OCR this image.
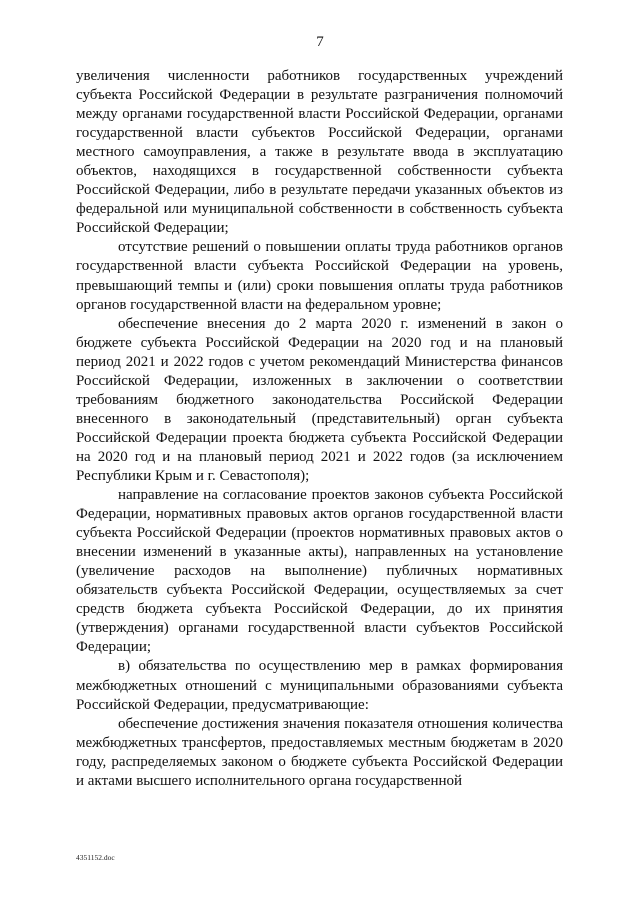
7

увеличения численности работников государственных учреждений субъекта Российской Федерации в результате разграничения полномочий между органами государственной власти Российской Федерации, органами государственной власти субъектов Российской Федерации, органами местного самоуправления, а также в результате ввода в эксплуатацию объектов, находящихся в государственной собственности субъекта Российской Федерации, либо в результате передачи указанных объектов из федеральной или муниципальной собственности в собственность субъекта Российской Федерации;

отсутствие решений о повышении оплаты труда работников органов государственной власти субъекта Российской Федерации на уровень, превышающий темпы и (или) сроки повышения оплаты труда работников органов государственной власти на федеральном уровне;

обеспечение внесения до 2 марта 2020 г. изменений в закон о бюджете субъекта Российской Федерации на 2020 год и на плановый период 2021 и 2022 годов с учетом рекомендаций Министерства финансов Российской Федерации, изложенных в заключении о соответствии требованиям бюджетного законодательства Российской Федерации внесенного в законодательный (представительный) орган субъекта Российской Федерации проекта бюджета субъекта Российской Федерации на 2020 год и на плановый период 2021 и 2022 годов (за исключением Республики Крым и г. Севастополя);

направление на согласование проектов законов субъекта Российской Федерации, нормативных правовых актов органов государственной власти субъекта Российской Федерации (проектов нормативных правовых актов о внесении изменений в указанные акты), направленных на установление (увеличение расходов на выполнение) публичных нормативных обязательств субъекта Российской Федерации, осуществляемых за счет средств бюджета субъекта Российской Федерации, до их принятия (утверждения) органами государственной власти субъектов Российской Федерации;

в) обязательства по осуществлению мер в рамках формирования межбюджетных отношений с муниципальными образованиями субъекта Российской Федерации, предусматривающие:

обеспечение достижения значения показателя отношения количества межбюджетных трансфертов, предоставляемых местным бюджетам в 2020 году, распределяемых законом о бюджете субъекта Российской Федерации и актами высшего исполнительного органа государственной

4351152.doc
